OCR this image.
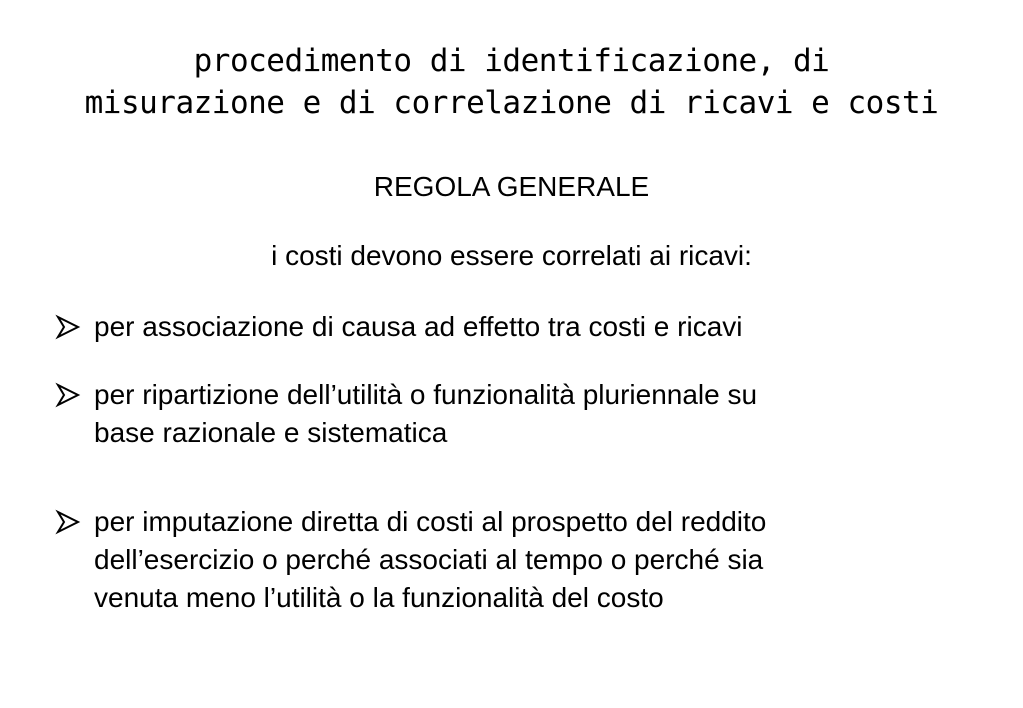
procedimento di identificazione, di
misurazione e di correlazione di ricavi e costi
REGOLA GENERALE
i costi devono essere correlati ai ricavi:
per associazione di causa ad effetto tra costi e ricavi
per ripartizione dell’utilità o funzionalità pluriennale su
base razionale e sistematica
per imputazione diretta di costi al prospetto del reddito
dell’esercizio o perché associati al tempo o perché sia
venuta meno l’utilità o la funzionalità del costo
